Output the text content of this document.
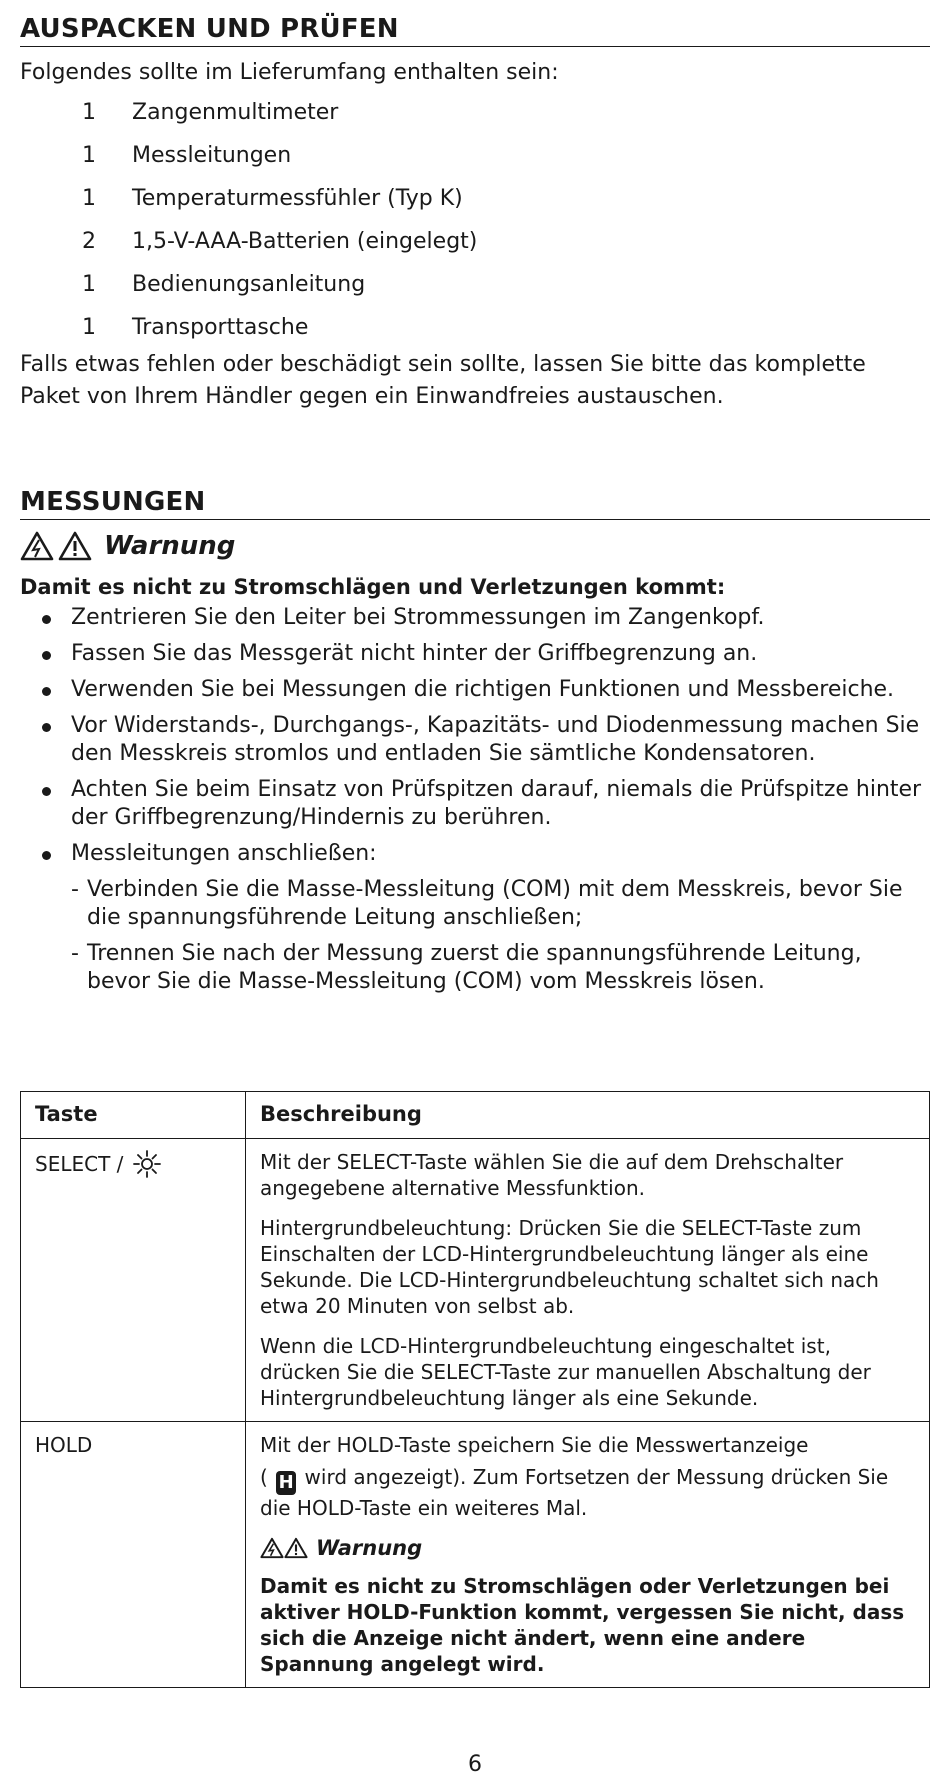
AUSPACKEN UND PRÜFEN

Folgendes sollte im Lieferumfang enthalten sein:

1	Zangenmultimeter
1	Messleitungen
1	Temperaturmessfühler (Typ K)
2	1,5-V-AAA-Batterien (eingelegt)
1	Bedienungsanleitung
1	Transporttasche

Falls etwas fehlen oder beschädigt sein sollte, lassen Sie bitte das komplette Paket von Ihrem Händler gegen ein Einwandfreies austauschen.

MESSUNGEN
Warnung
Damit es nicht zu Stromschlägen und Verletzungen kommt:
Zentrieren Sie den Leiter bei Strommessungen im Zangenkopf.
Fassen Sie das Messgerät nicht hinter der Griffbegrenzung an.
Verwenden Sie bei Messungen die richtigen Funktionen und Messbereiche.
Vor Widerstands-, Durchgangs-, Kapazitäts- und Diodenmessung machen Sie den Messkreis stromlos und entladen Sie sämtliche Kondensatoren.
Achten Sie beim Einsatz von Prüfspitzen darauf, niemals die Prüfspitze hinter der Griffbegrenzung/Hindernis zu berühren.
Messleitungen anschließen:
- Verbinden Sie die Masse-Messleitung (COM) mit dem Messkreis, bevor Sie die spannungsführende Leitung anschließen;
- Trennen Sie nach der Messung zuerst die spannungsführende Leitung, bevor Sie die Masse-Messleitung (COM) vom Messkreis lösen.
Taste	Beschreibung
SELECT /	Mit der SELECT-Taste wählen Sie die auf dem Drehschalter angegebene alternative Messfunktion.

Hintergrundbeleuchtung: Drücken Sie die SELECT-Taste zum Einschalten der LCD-Hintergrundbeleuchtung länger als eine Sekunde. Die LCD-Hintergrundbeleuchtung schaltet sich nach etwa 20 Minuten von selbst ab.

Wenn die LCD-Hintergrundbeleuchtung eingeschaltet ist, drücken Sie die SELECT-Taste zur manuellen Abschaltung der Hintergrundbeleuchtung länger als eine Sekunde.

HOLD	Mit der HOLD-Taste speichern Sie die Messwertanzeige

( H wird angezeigt). Zum Fortsetzen der Messung drücken Sie die HOLD-Taste ein weiteres Mal.

Warnung

Damit es nicht zu Stromschlägen oder Verletzungen bei aktiver HOLD-Funktion kommt, vergessen Sie nicht, dass sich die Anzeige nicht ändert, wenn eine andere Spannung angelegt wird.

6
